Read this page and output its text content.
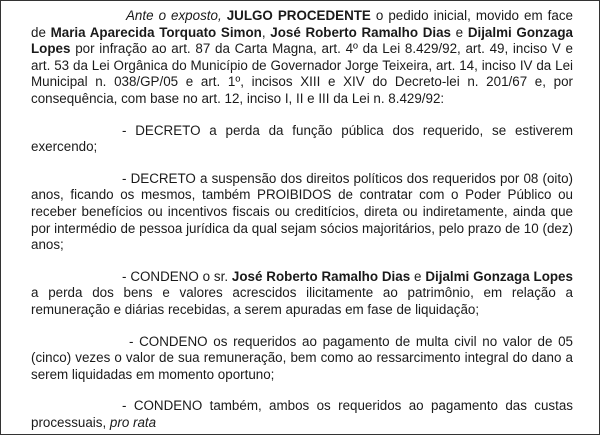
Ante o exposto, JULGO PROCEDENTE o pedido inicial, movido em face de Maria Aparecida Torquato Simon, José Roberto Ramalho Dias e Dijalmi Gonzaga Lopes por infração ao art. 87 da Carta Magna, art. 4º da Lei 8.429/92, art. 49, inciso V e art. 53 da Lei Orgânica do Município de Governador Jorge Teixeira, art. 14, inciso IV da Lei Municipal n. 038/GP/05 e art. 1º, incisos XIII e XIV do Decreto-lei n. 201/67 e, por consequência, com base no art. 12, inciso I, II e III da Lei n. 8.429/92:

- DECRETO a perda da função pública dos requerido, se estiverem exercendo;

- DECRETO a suspensão dos direitos políticos dos requeridos por 08 (oito) anos, ficando os mesmos, também PROIBIDOS de contratar com o Poder Público ou receber benefícios ou incentivos fiscais ou creditícios, direta ou indiretamente, ainda que por intermédio de pessoa jurídica da qual sejam sócios majoritários, pelo prazo de 10 (dez) anos;

- CONDENO o sr. José Roberto Ramalho Dias e Dijalmi Gonzaga Lopes a perda dos bens e valores acrescidos ilicitamente ao patrimônio, em relação a remuneração e diárias recebidas, a serem apuradas em fase de liquidação;

- CONDENO os requeridos ao pagamento de multa civil no valor de 05 (cinco) vezes o valor de sua remuneração, bem como ao ressarcimento integral do dano a serem liquidadas em momento oportuno;

- CONDENO também, ambos os requeridos ao pagamento das custas processuais, pro rata
